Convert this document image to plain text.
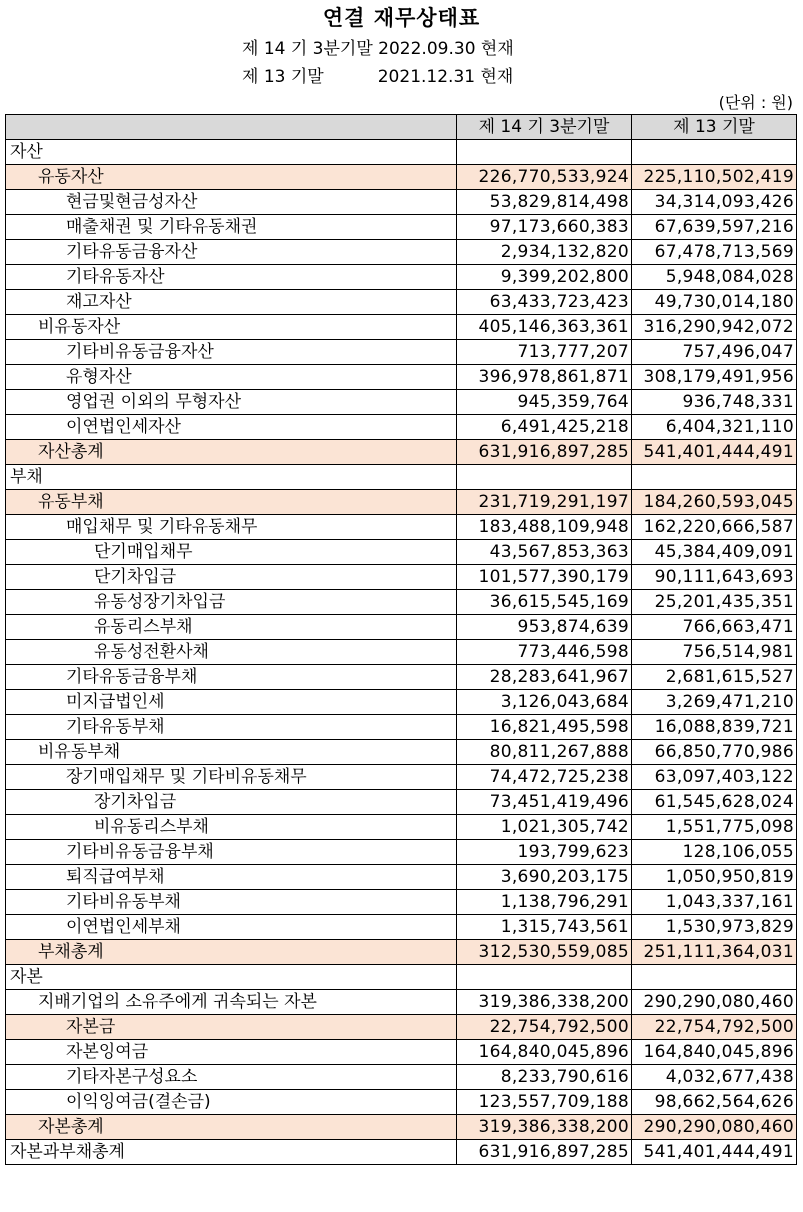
연결 재무상태표
제 14 기 3분기말 2022.09.30 현재
제 13 기말          2021.12.31 현재
(단위 : 원)
	제 14 기 3분기말	제 13 기말
자산		
유동자산	226,770,533,924	225,110,502,419
현금및현금성자산	53,829,814,498	34,314,093,426
매출채권 및 기타유동채권	97,173,660,383	67,639,597,216
기타유동금융자산	2,934,132,820	67,478,713,569
기타유동자산	9,399,202,800	5,948,084,028
재고자산	63,433,723,423	49,730,014,180
비유동자산	405,146,363,361	316,290,942,072
기타비유동금융자산	713,777,207	757,496,047
유형자산	396,978,861,871	308,179,491,956
영업권 이외의 무형자산	945,359,764	936,748,331
이연법인세자산	6,491,425,218	6,404,321,110
자산총계	631,916,897,285	541,401,444,491
부채		
유동부채	231,719,291,197	184,260,593,045
매입채무 및 기타유동채무	183,488,109,948	162,220,666,587
단기매입채무	43,567,853,363	45,384,409,091
단기차입금	101,577,390,179	90,111,643,693
유동성장기차입금	36,615,545,169	25,201,435,351
유동리스부채	953,874,639	766,663,471
유동성전환사채	773,446,598	756,514,981
기타유동금융부채	28,283,641,967	2,681,615,527
미지급법인세	3,126,043,684	3,269,471,210
기타유동부채	16,821,495,598	16,088,839,721
비유동부채	80,811,267,888	66,850,770,986
장기매입채무 및 기타비유동채무	74,472,725,238	63,097,403,122
장기차입금	73,451,419,496	61,545,628,024
비유동리스부채	1,021,305,742	1,551,775,098
기타비유동금융부채	193,799,623	128,106,055
퇴직급여부채	3,690,203,175	1,050,950,819
기타비유동부채	1,138,796,291	1,043,337,161
이연법인세부채	1,315,743,561	1,530,973,829
부채총계	312,530,559,085	251,111,364,031
자본		
지배기업의 소유주에게 귀속되는 자본	319,386,338,200	290,290,080,460
자본금	22,754,792,500	22,754,792,500
자본잉여금	164,840,045,896	164,840,045,896
기타자본구성요소	8,233,790,616	4,032,677,438
이익잉여금(결손금)	123,557,709,188	98,662,564,626
자본총계	319,386,338,200	290,290,080,460
자본과부채총계	631,916,897,285	541,401,444,491
